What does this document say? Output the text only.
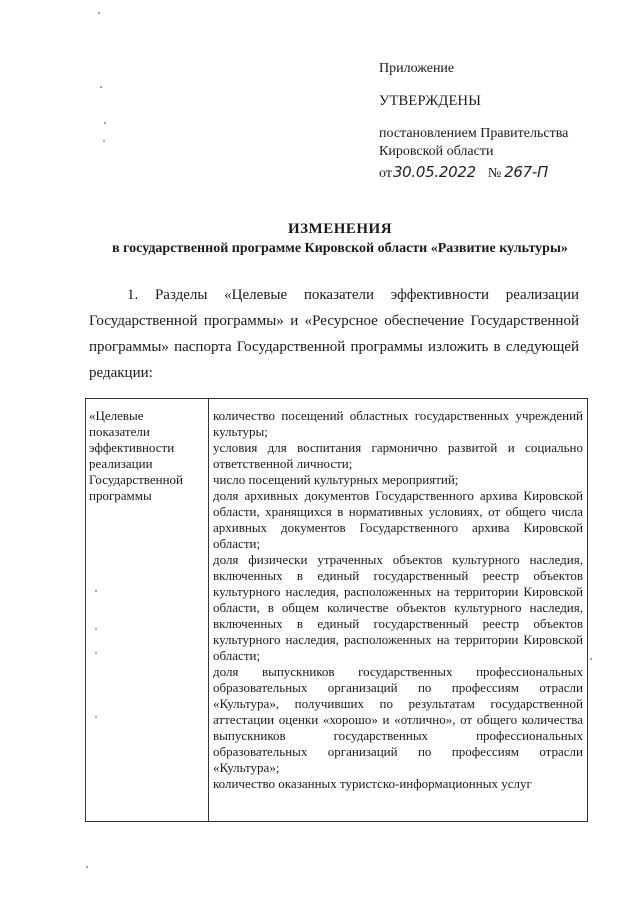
Приложение
УТВЕРЖДЕНЫ
постановлением Правительства
Кировской области
от 30.05.2022 № 267-П
ИЗМЕНЕНИЯ
в государственной программе Кировской области «Развитие культуры»
1. Разделы «Целевые показатели эффективности реализации Государственной программы» и «Ресурсное обеспечение Государственной программы» паспорта Государственной программы изложить в следующей редакции:
«Целевые
показатели
эффективности
реализации
Государственной
программы
количество посещений областных государственных учреждений культуры;
условия для воспитания гармонично развитой и социально ответственной личности;
число посещений культурных мероприятий;
доля архивных документов Государственного архива Кировской области, хранящихся в нормативных условиях, от общего числа архивных документов Государственного архива Кировской области;
доля физически утраченных объектов культурного наследия, включенных в единый государственный реестр объектов культурного наследия, расположенных на территории Кировской области, в общем количестве объектов культурного наследия, включенных в единый государственный реестр объектов культурного наследия, расположенных на территории Кировской области;
доля выпускников государственных профессиональных образовательных организаций по профессиям отрасли «Культура», получивших по результатам государственной аттестации оценки «хорошо» и «отлично», от общего количества выпускников государственных профессиональных образовательных организаций по профессиям отрасли «Культура»;
количество оказанных туристско-информационных услуг
